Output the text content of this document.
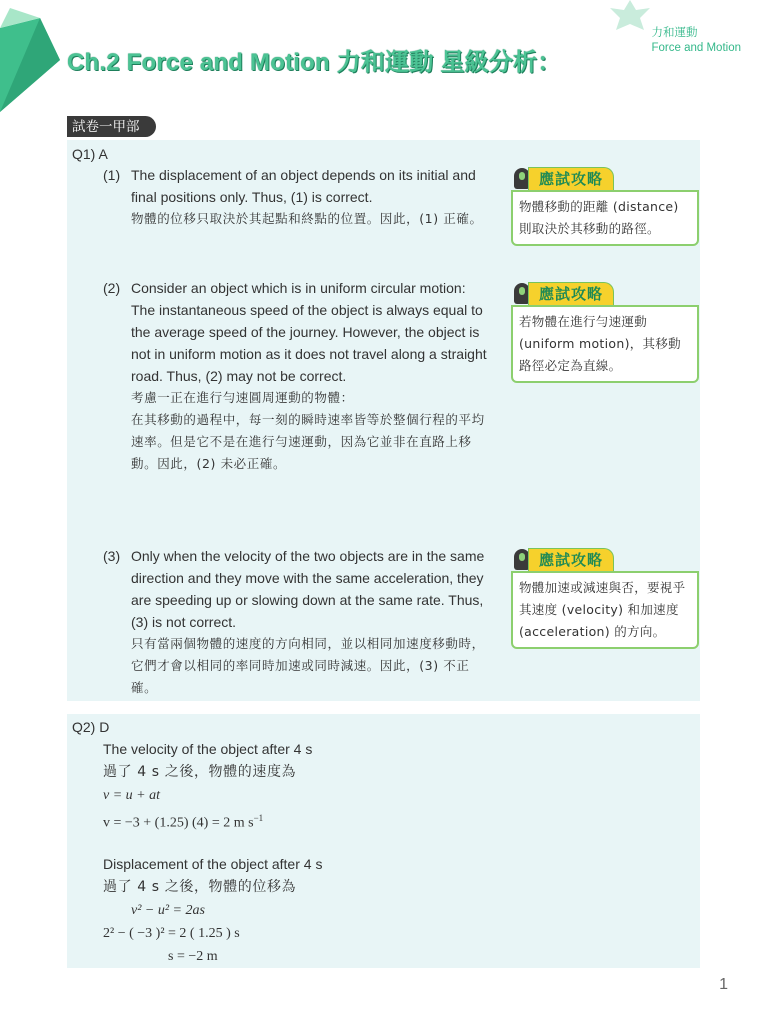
力和運動
Force and Motion
Ch.2 Force and Motion 力和運動 星級分析：
試卷一甲部
Q1) A
(1) The displacement of an object depends on its initial and final positions only. Thus, (1) is correct.

物體的位移只取決於其起點和終點的位置。因此，(1) 正確。

(2) Consider an object which is in uniform circular motion:

The instantaneous speed of the object is always equal to the average speed of the journey. However, the object is not in uniform motion as it does not travel along a straight road. Thus, (2) may not be correct.

考慮一正在進行勻速圓周運動的物體：

在其移動的過程中，每一刻的瞬時速率皆等於整個行程的平均速率。但是它不是在進行勻速運動，因為它並非在直路上移動。因此，(2) 未必正確。

(3) Only when the velocity of the two objects are in the same direction and they move with the same acceleration, they are speeding up or slowing down at the same rate. Thus, (3) is not correct.

只有當兩個物體的速度的方向相同，並以相同加速度移動時，它們才會以相同的率同時加速或同時減速。因此，(3) 不正確。

應試攻略
物體移動的距離 (distance) 則取決於其移動的路徑。
應試攻略
若物體在進行勻速運動 (uniform motion)，其移動路徑必定為直線。
應試攻略
物體加速或減速與否，要視乎其速度 (velocity) 和加速度 (acceleration) 的方向。
Q2) D
The velocity of the object after 4 s
過了 4 s 之後，物體的速度為
v = u + at
v = −3 + (1.25) (4) = 2 m $s^{-1}$
Displacement of the object after 4 s
過了 4 s 之後，物體的位移為
v² − u² = 2as
2² − ( −3 )² = 2 ( 1.25 ) s
s = −2 m
1
